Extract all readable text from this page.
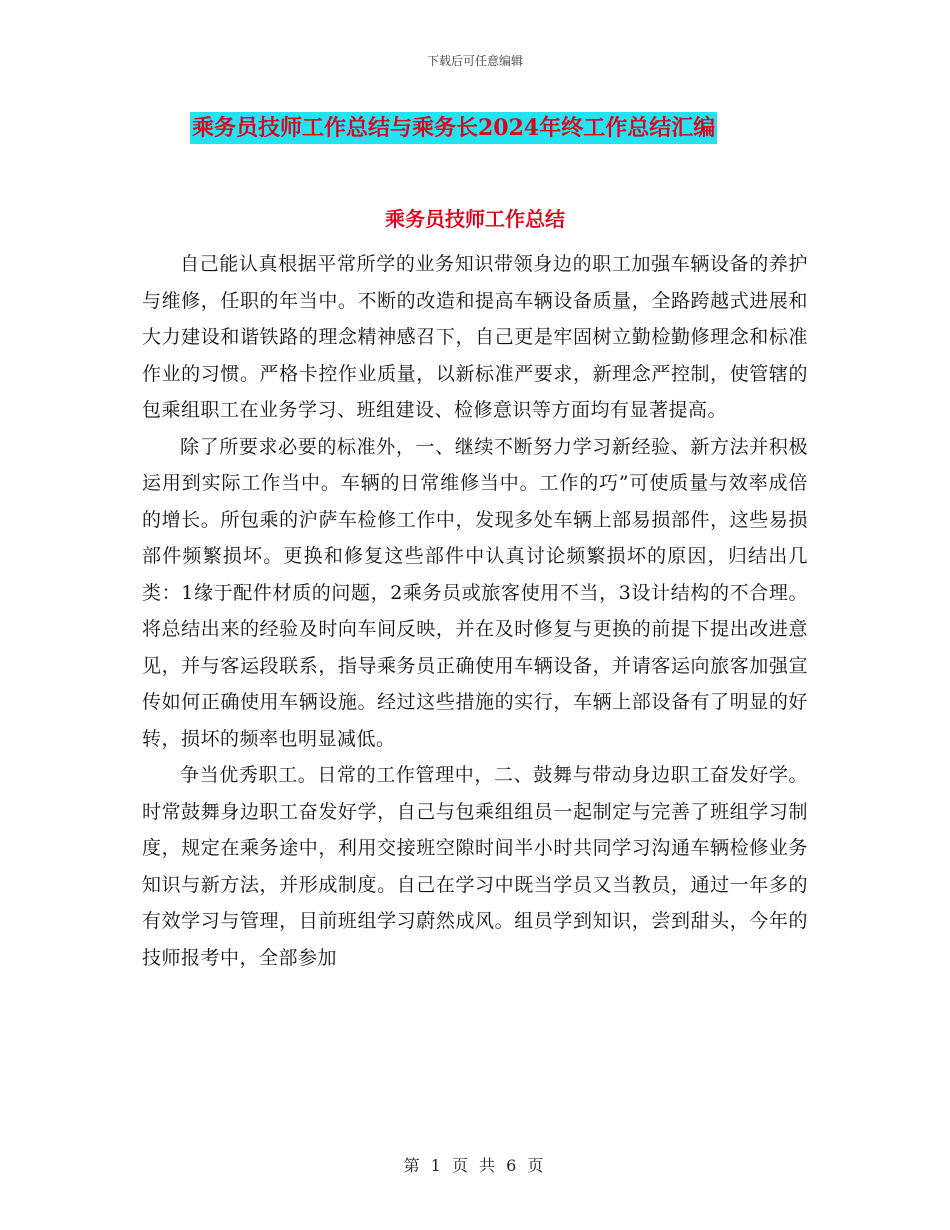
下载后可任意编辑
乘务员技师工作总结与乘务长2024年终工作总结汇编
乘务员技师工作总结

自己能认真根据平常所学的业务知识带领身边的职工加强车辆设备的养护与维修，任职的年当中。不断的改造和提高车辆设备质量，全路跨越式进展和大力建设和谐铁路的理念精神感召下，自己更是牢固树立勤检勤修理念和标准作业的习惯。严格卡控作业质量，以新标准严要求，新理念严控制，使管辖的包乘组职工在业务学习、班组建设、检修意识等方面均有显著提高。

除了所要求必要的标准外，一、继续不断努力学习新经验、新方法并积极运用到实际工作当中。车辆的日常维修当中。工作的巧”可使质量与效率成倍的增长。所包乘的沪萨车检修工作中，发现多处车辆上部易损部件，这些易损部件频繁损坏。更换和修复这些部件中认真讨论频繁损坏的原因，归结出几类：1缘于配件材质的问题，2乘务员或旅客使用不当，3设计结构的不合理。将总结出来的经验及时向车间反映，并在及时修复与更换的前提下提出改进意见，并与客运段联系，指导乘务员正确使用车辆设备，并请客运向旅客加强宣传如何正确使用车辆设施。经过这些措施的实行，车辆上部设备有了明显的好转，损坏的频率也明显减低。

争当优秀职工。日常的工作管理中，二、鼓舞与带动身边职工奋发好学。时常鼓舞身边职工奋发好学，自己与包乘组组员一起制定与完善了班组学习制度，规定在乘务途中，利用交接班空隙时间半小时共同学习沟通车辆检修业务知识与新方法，并形成制度。自己在学习中既当学员又当教员，通过一年多的有效学习与管理，目前班组学习蔚然成风。组员学到知识，尝到甜头，今年的技师报考中，全部参加

第 1 页 共 6 页
